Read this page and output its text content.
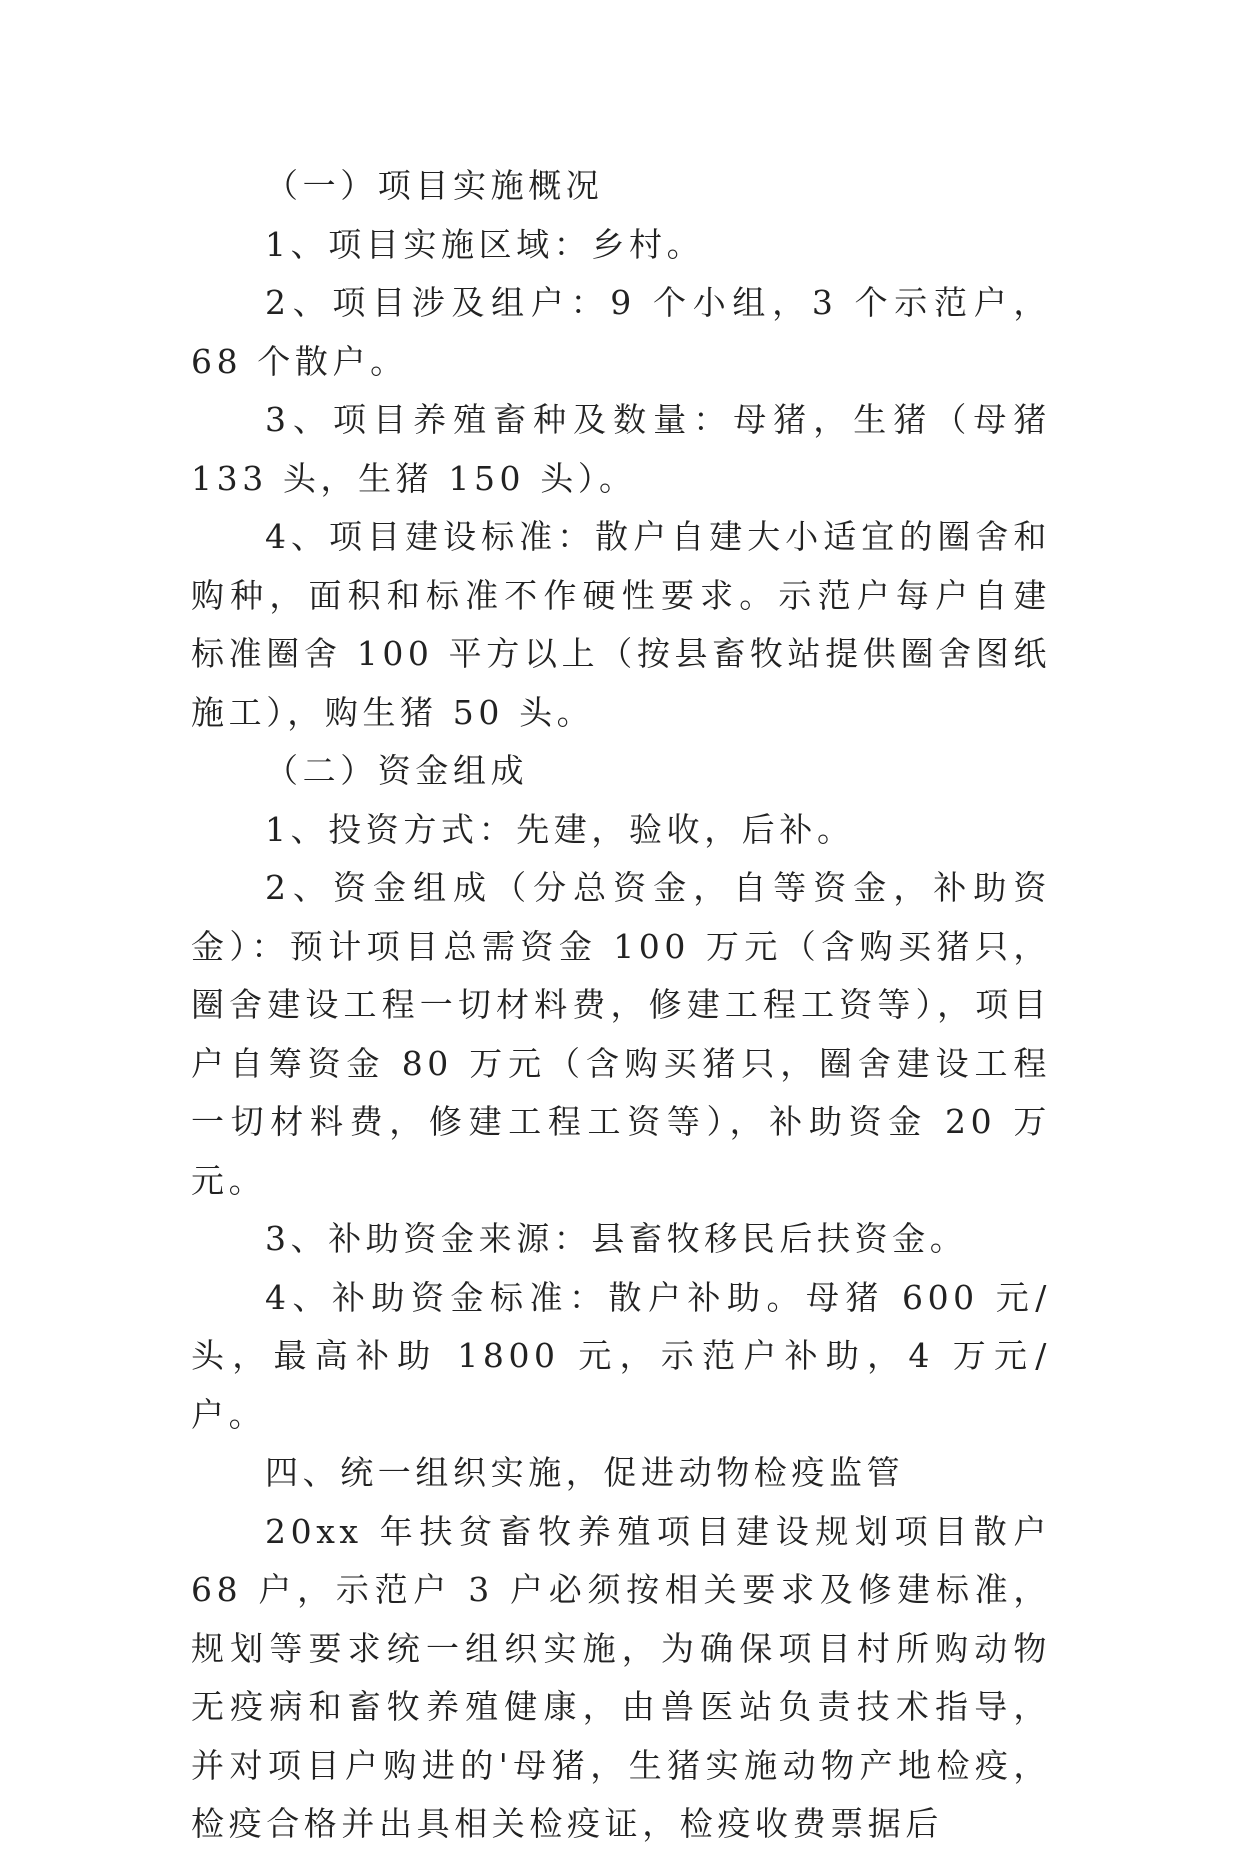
（一）项目实施概况

1、项目实施区域：乡村。

2、项目涉及组户：9 个小组，3 个示范户，68 个散户。

3、项目养殖畜种及数量：母猪，生猪（母猪 133 头，生猪 150 头）。

4、项目建设标准：散户自建大小适宜的圈舍和购种，面积和标准不作硬性要求。示范户每户自建标准圈舍 100 平方以上（按县畜牧站提供圈舍图纸施工），购生猪 50 头。

（二）资金组成

1、投资方式：先建，验收，后补。

2、资金组成（分总资金，自等资金，补助资金）：预计项目总需资金 100 万元（含购买猪只，圈舍建设工程一切材料费，修建工程工资等），项目户自筹资金 80 万元（含购买猪只，圈舍建设工程一切材料费，修建工程工资等），补助资金 20 万元。

3、补助资金来源：县畜牧移民后扶资金。

4、补助资金标准：散户补助。母猪 600 元/头，最高补助 1800 元，示范户补助，4 万元/户。

四、统一组织实施，促进动物检疫监管

20xx 年扶贫畜牧养殖项目建设规划项目散户 68 户，示范户 3 户必须按相关要求及修建标准，规划等要求统一组织实施，为确保项目村所购动物无疫病和畜牧养殖健康，由兽医站负责技术指导，并对项目户购进的'母猪，生猪实施动物产地检疫，检疫合格并出具相关检疫证，检疫收费票据后
